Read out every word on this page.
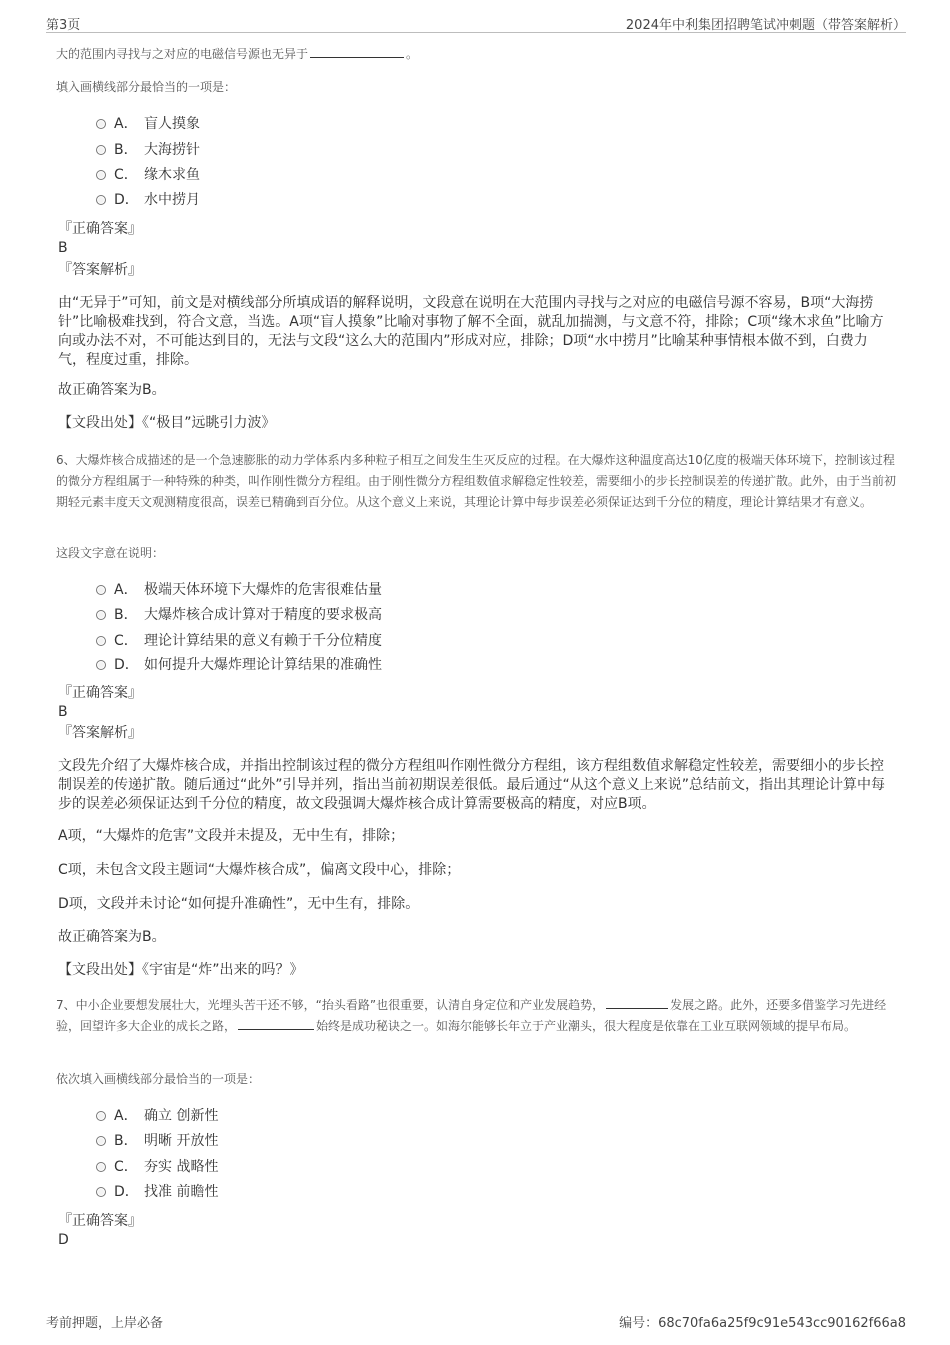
第3页	2024年中利集团招聘笔试冲刺题（带答案解析）

大的范围内寻找与之对应的电磁信号源也无异于	。

填入画横线部分最恰当的一项是：

A． 盲人摸象
B． 大海捞针
C． 缘木求鱼
D． 水中捞月
『正确答案』
B
『答案解析』

由“无异于”可知，前文是对横线部分所填成语的解释说明，文段意在说明在大范围内寻找与之对应的电磁信号源不容易，B项“大海捞针”比喻极难找到，符合文意，当选。A项“盲人摸象”比喻对事物了解不全面，就乱加揣测，与文意不符，排除；C项“缘木求鱼”比喻方向或办法不对，不可能达到目的，无法与文段“这么大的范围内”形成对应，排除；D项“水中捞月”比喻某种事情根本做不到，白费力气，程度过重，排除。

故正确答案为B。

【文段出处】《“极目”远眺引力波》

6、大爆炸核合成描述的是一个急速膨胀的动力学体系内多种粒子相互之间发生生灭反应的过程。在大爆炸这种温度高达10亿度的极端天体环境下，控制该过程的微分方程组属于一种特殊的种类，叫作刚性微分方程组。由于刚性微分方程组数值求解稳定性较差，需要细小的步长控制误差的传递扩散。此外，由于当前初期轻元素丰度天文观测精度很高，误差已精确到百分位。从这个意义上来说，其理论计算中每步误差必须保证达到千分位的精度，理论计算结果才有意义。

这段文字意在说明：

A． 极端天体环境下大爆炸的危害很难估量
B． 大爆炸核合成计算对于精度的要求极高
C． 理论计算结果的意义有赖于千分位精度
D． 如何提升大爆炸理论计算结果的准确性
『正确答案』
B
『答案解析』

文段先介绍了大爆炸核合成，并指出控制该过程的微分方程组叫作刚性微分方程组，该方程组数值求解稳定性较差，需要细小的步长控制误差的传递扩散。随后通过“此外”引导并列，指出当前初期误差很低。最后通过“从这个意义上来说”总结前文，指出其理论计算中每步的误差必须保证达到千分位的精度，故文段强调大爆炸核合成计算需要极高的精度，对应B项。

A项，“大爆炸的危害”文段并未提及，无中生有，排除；

C项，未包含文段主题词“大爆炸核合成”，偏离文段中心，排除；

D项，文段并未讨论“如何提升准确性”，无中生有，排除。

故正确答案为B。

【文段出处】《宇宙是“炸”出来的吗？》

7、中小企业要想发展壮大，光埋头苦干还不够，“抬头看路”也很重要，认清自身定位和产业发展趋势，	发展之路。此外，还要多借鉴学习先进经验，回望许多大企业的成长之路，	始终是成功秘诀之一。如海尔能够长年立于产业潮头，很大程度是依靠在工业互联网领域的提早布局。

依次填入画横线部分最恰当的一项是：

A． 确立 创新性
B． 明晰 开放性
C． 夯实 战略性
D． 找准 前瞻性
『正确答案』
D
考前押题，上岸必备	编号：68c70fa6a25f9c91e543cc90162f66a8
